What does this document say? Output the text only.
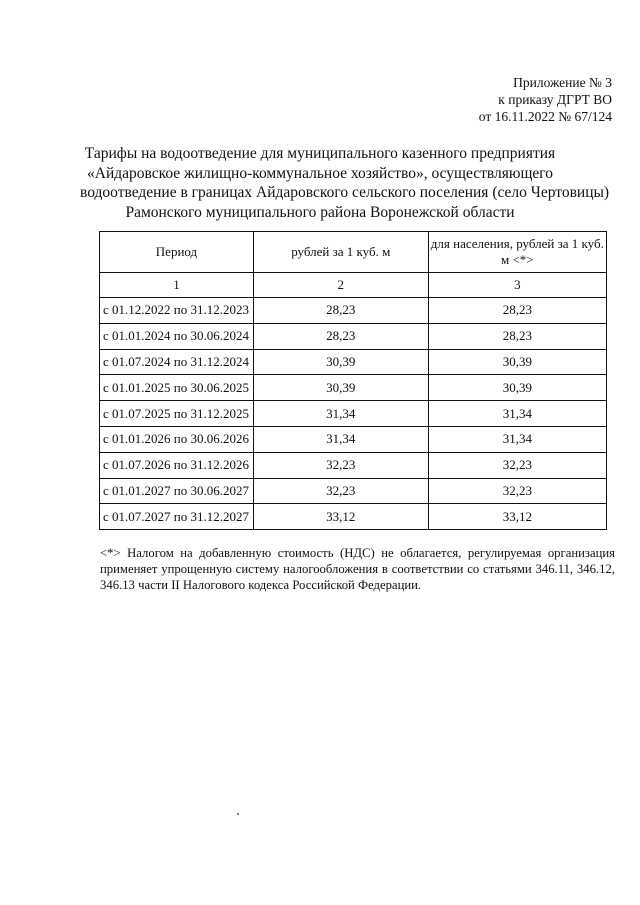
Приложение № 3
к приказу ДГРТ ВО
от 16.11.2022 № 67/124
Тарифы на водоотведение для муниципального казенного предприятия
«Айдаровское жилищно-коммунальное хозяйство», осуществляющего
водоотведение в границах Айдаровского сельского поселения (село Чертовицы)
Рамонского муниципального района Воронежской области
Период	рублей за 1 куб. м	для населения, рублей за 1 куб. м <*>
1	2	3
с 01.12.2022 по 31.12.2023	28,23	28,23
с 01.01.2024 по 30.06.2024	28,23	28,23
с 01.07.2024 по 31.12.2024	30,39	30,39
с 01.01.2025 по 30.06.2025	30,39	30,39
с 01.07.2025 по 31.12.2025	31,34	31,34
с 01.01.2026 по 30.06.2026	31,34	31,34
с 01.07.2026 по 31.12.2026	32,23	32,23
с 01.01.2027 по 30.06.2027	32,23	32,23
с 01.07.2027 по 31.12.2027	33,12	33,12
<*> Налогом на добавленную стоимость (НДС) не облагается, регулируемая организация
применяет упрощенную систему налогообложения в соответствии со статьями 346.11, 346.12,
346.13 части II Налогового кодекса Российской Федерации.
